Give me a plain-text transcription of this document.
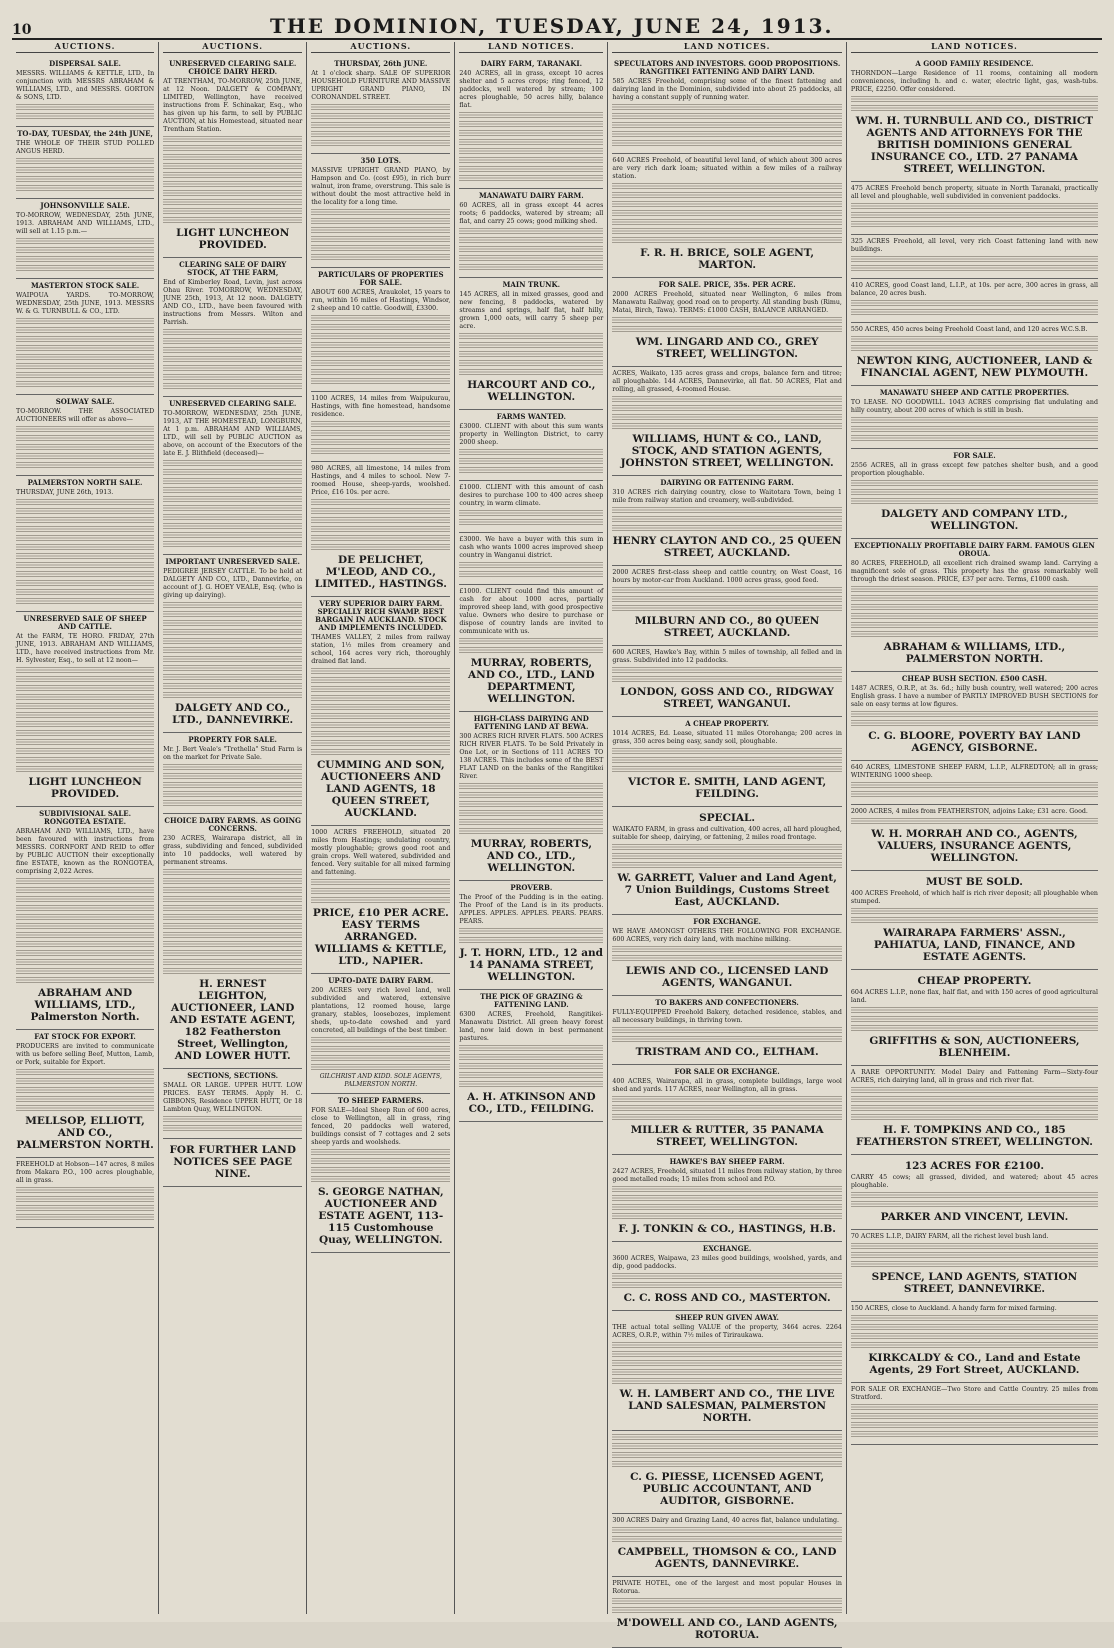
10	THE DOMINION, TUESDAY, JUNE 24, 1913.
AUCTIONS.
DISPERSAL SALE.

MESSRS. WILLIAMS & KETTLE, LTD., In conjunction with MESSRS ABRAHAM & WILLIAMS, LTD., and MESSRS. GORTON & SONS, LTD.

TO-DAY, TUESDAY, the 24th JUNE,

THE WHOLE OF THEIR STUD POLLED ANGUS HERD.

JOHNSONVILLE SALE.

TO-MORROW, WEDNESDAY, 25th JUNE, 1913. ABRAHAM AND WILLIAMS, LTD., will sell at 1.15 p.m.—

MASTERTON STOCK SALE.

WAIPOUA YARDS. TO-MORROW, WEDNESDAY, 25th JUNE, 1913. MESSRS W. & G. TURNBULL & CO., LTD.

SOLWAY SALE.

TO-MORROW. THE ASSOCIATED AUCTIONEERS will offer as above—

PALMERSTON NORTH SALE.

THURSDAY, JUNE 26th, 1913.

UNRESERVED SALE OF SHEEP AND CATTLE.

At the FARM, TE HORO. FRIDAY, 27th JUNE, 1913. ABRAHAM AND WILLIAMS, LTD., have received instructions from Mr. H. Sylvester, Esq., to sell at 12 noon—

LIGHT LUNCHEON PROVIDED.
SUBDIVISIONAL SALE. RONGOTEA ESTATE.

ABRAHAM AND WILLIAMS, LTD., have been favoured with instructions from MESSRS. CORNFORT AND REID to offer by PUBLIC AUCTION their exceptionally fine ESTATE, known as the RONGOTEA, comprising 2,022 Acres.

ABRAHAM AND WILLIAMS, LTD., Palmerston North.
FAT STOCK FOR EXPORT.

PRODUCERS are invited to communicate with us before selling Beef, Mutton, Lamb, or Pork, suitable for Export.

MELLSOP, ELLIOTT, AND CO., PALMERSTON NORTH.

FREEHOLD at Hobson—147 acres, 8 miles from Makara P.O., 100 acres ploughable, all in grass.

AUCTIONS.
UNRESERVED CLEARING SALE. CHOICE DAIRY HERD.

AT TRENTHAM, TO-MORROW, 25th JUNE, at 12 Noon. DALGETY & COMPANY, LIMITED, Wellington, have received instructions from F. Schinakar, Esq., who has given up his farm, to sell by PUBLIC AUCTION, at his Homestead, situated near Trentham Station.

LIGHT LUNCHEON PROVIDED.
CLEARING SALE OF DAIRY STOCK, AT THE FARM,

End of Kimberley Road, Levin, just across Ohau River. TOMORROW, WEDNESDAY, JUNE 25th, 1913, At 12 noon. DALGETY AND CO., LTD., have been favoured with instructions from Messrs. Wilton and Parrish.

UNRESERVED CLEARING SALE.

TO-MORROW, WEDNESDAY, 25th JUNE, 1913, AT THE HOMESTEAD, LONGBURN, At 1 p.m. ABRAHAM AND WILLIAMS, LTD., will sell by PUBLIC AUCTION as above, on account of the Executors of the late E. J. Blithfield (deceased)—

IMPORTANT UNRESERVED SALE.

PEDIGREE JERSEY CATTLE. To be held at DALGETY AND CO., LTD., Dannevirke, on account of J. G. HOEY VEALE, Esq. (who is giving up dairying).

DALGETY AND CO., LTD., DANNEVIRKE.
PROPERTY FOR SALE.

Mr. J. Bert Veale's "Trethella" Stud Farm is on the market for Private Sale.

CHOICE DAIRY FARMS. AS GOING CONCERNS.

230 ACRES, Wairarapa district, all in grass, subdividing and fenced, subdivided into 10 paddocks, well watered by permanent streams.

H. ERNEST LEIGHTON, AUCTIONEER, LAND AND ESTATE AGENT, 182 Featherston Street, Wellington, AND LOWER HUTT.
SECTIONS, SECTIONS.

SMALL OR LARGE. UPPER HUTT. LOW PRICES. EASY TERMS. Apply H. C. GIBBONS, Residence UPPER HUTT, Or 18 Lambton Quay, WELLINGTON.

FOR FURTHER LAND NOTICES SEE PAGE NINE.
AUCTIONS.
THURSDAY, 26th JUNE.

At 1 o'clock sharp. SALE OF SUPERIOR HOUSEHOLD FURNITURE AND MASSIVE UPRIGHT GRAND PIANO, IN CORONANDEL STREET.

350 LOTS.

MASSIVE UPRIGHT GRAND PIANO, by Hampson and Co. (cost £95), in rich burr walnut, iron frame, overstrung. This sale is without doubt the most attractive held in the locality for a long time.

PARTICULARS OF PROPERTIES FOR SALE.

ABOUT 600 ACRES, Araukolet, 15 years to run, within 16 miles of Hastings, Windsor, 2 sheep and 10 cattle. Goodwill, £3300.

1100 ACRES, 14 miles from Waipukurau, Hastings, with fine homestead, handsome residence.

980 ACRES, all limestone, 14 miles from Hastings, and 4 miles to school. New 7-roomed House, sheep-yards, woolshed. Price, £16 10s. per acre.

DE PELICHET, M'LEOD, AND CO., LIMITED., HASTINGS.
VERY SUPERIOR DAIRY FARM. SPECIALLY RICH SWAMP. BEST BARGAIN IN AUCKLAND. STOCK AND IMPLEMENTS INCLUDED.

THAMES VALLEY, 2 miles from railway station, 1½ miles from creamery and school, 164 acres very rich, thoroughly drained flat land.

CUMMING AND SON, AUCTIONEERS AND LAND AGENTS, 18 QUEEN STREET, AUCKLAND.

1000 ACRES FREEHOLD, situated 20 miles from Hastings; undulating country, mostly ploughable; grows good root and grain crops. Well watered, subdivided and fenced. Very suitable for all mixed farming and fattening.

PRICE, £10 PER ACRE. EASY TERMS ARRANGED. WILLIAMS & KETTLE, LTD., NAPIER.
UP-TO-DATE DAIRY FARM.

200 ACRES very rich level land, well subdivided and watered, extensive plantations, 12 roomed house, large granary, stables, loosebozes, implement sheds, up-to-date cowshed and yard concreted, all buildings of the best timber.

GILCHRIST AND KIDD. SOLE AGENTS, PALMERSTON NORTH.
TO SHEEP FARMERS.

FOR SALE—Ideal Sheep Run of 600 acres, close to Wellington, all in grass, ring fenced, 20 paddocks well watered, buildings consist of 7 cottages and 2 sets sheep yards and woolsheds.

S. GEORGE NATHAN, AUCTIONEER AND ESTATE AGENT, 113-115 Customhouse Quay, WELLINGTON.
LAND NOTICES.
DAIRY FARM, TARANAKI.

240 ACRES, all in grass, except 10 acres shelter and 5 acres crops; ring fenced, 12 paddocks, well watered by stream; 100 acres ploughable, 50 acres hilly, balance flat.

MANAWATU DAIRY FARM.

60 ACRES, all in grass except 44 acres roots; 6 paddocks, watered by stream; all flat, and carry 25 cows; good milking shed.

MAIN TRUNK.

145 ACRES, all in mixed grasses, good and new fencing, 8 paddocks, watered by streams and springs, half flat, half hilly, grown 1,000 oats, will carry 5 sheep per acre.

HARCOURT AND CO., WELLINGTON.
FARMS WANTED.

£3000. CLIENT with about this sum wants property in Wellington District, to carry 2000 sheep.

£1000. CLIENT with this amount of cash desires to purchase 100 to 400 acres sheep country, in warm climate.

£3000. We have a buyer with this sum in cash who wants 1000 acres improved sheep country in Wanganui district.

£1000. CLIENT could find this amount of cash for about 1000 acres, partially improved sheep land, with good prospective value. Owners who desire to purchase or dispose of country lands are invited to communicate with us.

MURRAY, ROBERTS, AND CO., LTD., LAND DEPARTMENT, WELLINGTON.
HIGH-CLASS DAIRYING AND FATTENING LAND AT BEWA.

300 ACRES RICH RIVER FLATS. 500 ACRES RICH RIVER FLATS. To be Sold Privately in One Lot, or in Sections of 111 ACRES TO 138 ACRES. This includes some of the BEST FLAT LAND on the banks of the Rangitikei River.

MURRAY, ROBERTS, AND CO., LTD., WELLINGTON.
PROVERB.

The Proof of the Pudding is in the eating. The Proof of the Land is in its products. APPLES. APPLES. APPLES. PEARS. PEARS. PEARS.

J. T. HORN, LTD., 12 and 14 PANAMA STREET, WELLINGTON.
THE PICK OF GRAZING & FATTENING LAND.

6300 ACRES, Freehold, Rangitikei-Manawatu District. All green heavy forest land, now laid down in best permanent pastures.

A. H. ATKINSON AND CO., LTD., FEILDING.
LAND NOTICES.
SPECULATORS AND INVESTORS. GOOD PROPOSITIONS. RANGITIKEI FATTENING AND DAIRY LAND.

585 ACRES Freehold, comprising some of the finest fattening and dairying land in the Dominion, subdivided into about 25 paddocks, all having a constant supply of running water.

640 ACRES Freehold, of beautiful level land, of which about 300 acres are very rich dark loam; situated within a few miles of a railway station.

F. R. H. BRICE, SOLE AGENT, MARTON.
FOR SALE. PRICE, 35s. PER ACRE.

2000 ACRES Freehold, situated near Wellington, 6 miles from Manawatu Railway, good road on to property. All standing bush (Rimu, Matai, Birch, Tawa). TERMS: £1000 CASH, BALANCE ARRANGED.

WM. LINGARD AND CO., GREY STREET, WELLINGTON.

ACRES, Waikato, 135 acres grass and crops, balance fern and titree; all ploughable. 144 ACRES, Dannevirke, all flat. 50 ACRES, Flat and rolling, all grassed, 4-roomed House.

WILLIAMS, HUNT & CO., LAND, STOCK, AND STATION AGENTS, JOHNSTON STREET, WELLINGTON.
DAIRYING OR FATTENING FARM.

310 ACRES rich dairying country, close to Waitotara Town, being 1 mile from railway station and creamery, well-subdivided.

HENRY CLAYTON AND CO., 25 QUEEN STREET, AUCKLAND.

2000 ACRES first-class sheep and cattle country, on West Coast, 16 hours by motor-car from Auckland. 1000 acres grass, good feed.

MILBURN AND CO., 80 QUEEN STREET, AUCKLAND.

600 ACRES, Hawke's Bay, within 5 miles of township, all felled and in grass. Subdivided into 12 paddocks.

LONDON, GOSS AND CO., RIDGWAY STREET, WANGANUI.
A CHEAP PROPERTY.

1014 ACRES, Ed. Lease, situated 11 miles Otorohanga; 200 acres in grass, 350 acres being easy, sandy soil, ploughable.

VICTOR E. SMITH, LAND AGENT, FEILDING.
SPECIAL.

WAIKATO FARM, in grass and cultivation, 400 acres, all hard ploughed, suitable for sheep, dairying, or fattening, 2 miles road frontage.

W. GARRETT, Valuer and Land Agent, 7 Union Buildings, Customs Street East, AUCKLAND.
FOR EXCHANGE.

WE HAVE AMONGST OTHERS THE FOLLOWING FOR EXCHANGE. 600 ACRES, very rich dairy land, with machine milking.

LEWIS AND CO., LICENSED LAND AGENTS, WANGANUI.
TO BAKERS AND CONFECTIONERS.

FULLY-EQUIPPED Freehold Bakery, detached residence, stables, and all necessary buildings, in thriving town.

TRISTRAM AND CO., ELTHAM.
FOR SALE OR EXCHANGE.

400 ACRES, Wairarapa, all in grass, complete buildings, large wool shed and yards. 117 ACRES, near Wellington, all in grass.

MILLER & RUTTER, 35 PANAMA STREET, WELLINGTON.
HAWKE'S BAY SHEEP FARM.

2427 ACRES, Freehold, situated 11 miles from railway station, by three good metalled roads; 15 miles from school and P.O.

F. J. TONKIN & CO., HASTINGS, H.B.
EXCHANGE.

3600 ACRES, Waipawa, 23 miles good buildings, woolshed, yards, and dip, good paddocks.

C. C. ROSS AND CO., MASTERTON.
SHEEP RUN GIVEN AWAY.

THE actual total selling VALUE of the property, 3464 acres. 2264 ACRES, O.R.P., within 7½ miles of Tiriraukawa.

W. H. LAMBERT AND CO., THE LIVE LAND SALESMAN, PALMERSTON NORTH.
C. G. PIESSE, LICENSED AGENT, PUBLIC ACCOUNTANT, AND AUDITOR, GISBORNE.

300 ACRES Dairy and Grazing Land, 40 acres flat, balance undulating.

CAMPBELL, THOMSON & CO., LAND AGENTS, DANNEVIRKE.

PRIVATE HOTEL, one of the largest and most popular Houses in Rotorua.

M'DOWELL AND CO., LAND AGENTS, ROTORUA.
LAND NOTICES.
A GOOD FAMILY RESIDENCE.

THORNDON—Large Residence of 11 rooms, containing all modern conveniences, including h. and c. water, electric light, gas, wash-tubs. PRICE, £2250. Offer considered.

WM. H. TURNBULL AND CO., DISTRICT AGENTS AND ATTORNEYS FOR THE BRITISH DOMINIONS GENERAL INSURANCE CO., LTD. 27 PANAMA STREET, WELLINGTON.

475 ACRES Freehold bench property, situate in North Taranaki, practically all level and ploughable, well subdivided in convenient paddocks.

325 ACRES Freehold, all level, very rich Coast fattening land with new buildings.

410 ACRES, good Coast land, L.I.P., at 10s. per acre, 300 acres in grass, all balance, 20 acres bush.

550 ACRES, 450 acres being Freehold Coast land, and 120 acres W.C.S.B.

NEWTON KING, AUCTIONEER, LAND & FINANCIAL AGENT, NEW PLYMOUTH.
MANAWATU SHEEP AND CATTLE PROPERTIES.

TO LEASE. NO GOODWILL. 1043 ACRES comprising flat undulating and hilly country, about 200 acres of which is still in bush.

FOR SALE.

2556 ACRES, all in grass except few patches shelter bush, and a good proportion ploughable.

DALGETY AND COMPANY LTD., WELLINGTON.
EXCEPTIONALLY PROFITABLE DAIRY FARM. FAMOUS GLEN OROUA.

80 ACRES, FREEHOLD, all excellent rich drained swamp land. Carrying a magnificent sole of grass. This property has the grass remarkably well through the driest season. PRICE, £37 per acre. Terms, £1000 cash.

ABRAHAM & WILLIAMS, LTD., PALMERSTON NORTH.
CHEAP BUSH SECTION. £500 CASH.

1487 ACRES, O.R.P., at 3s. 6d.; hilly bush country, well watered; 200 acres English grass. I have a number of PARTLY IMPROVED BUSH SECTIONS for sale on easy terms at low figures.

C. G. BLOORE, POVERTY BAY LAND AGENCY, GISBORNE.

640 ACRES, LIMESTONE SHEEP FARM, L.I.P., ALFREDTON; all in grass; WINTERING 1000 sheep.

2000 ACRES, 4 miles from FEATHERSTON, adjoins Lake; £31 acre. Good.

W. H. MORRAH AND CO., AGENTS, VALUERS, INSURANCE AGENTS, WELLINGTON.
MUST BE SOLD.

400 ACRES Freehold, of which half is rich river deposit; all ploughable when stumped.

WAIRARAPA FARMERS' ASSN., PAHIATUA, LAND, FINANCE, AND ESTATE AGENTS.
CHEAP PROPERTY.

604 ACRES L.I.P., none flax, half flat, and with 150 acres of good agricultural land.

GRIFFITHS & SON, AUCTIONEERS, BLENHEIM.

A RARE OPPORTUNITY. Model Dairy and Fattening Farm—Sixty-four ACRES, rich dairying land, all in grass and rich river flat.

H. F. TOMPKINS AND CO., 185 FEATHERSTON STREET, WELLINGTON.
123 ACRES FOR £2100.

CARRY 45 cows; all grassed, divided, and watered; about 45 acres ploughable.

PARKER AND VINCENT, LEVIN.

70 ACRES L.I.P., DAIRY FARM, all the richest level bush land.

SPENCE, LAND AGENTS, STATION STREET, DANNEVIRKE.

150 ACRES, close to Auckland. A handy farm for mixed farming.

KIRKCALDY & CO., Land and Estate Agents, 29 Fort Street, AUCKLAND.

FOR SALE OR EXCHANGE—Two Store and Cattle Country. 25 miles from Stratford.
